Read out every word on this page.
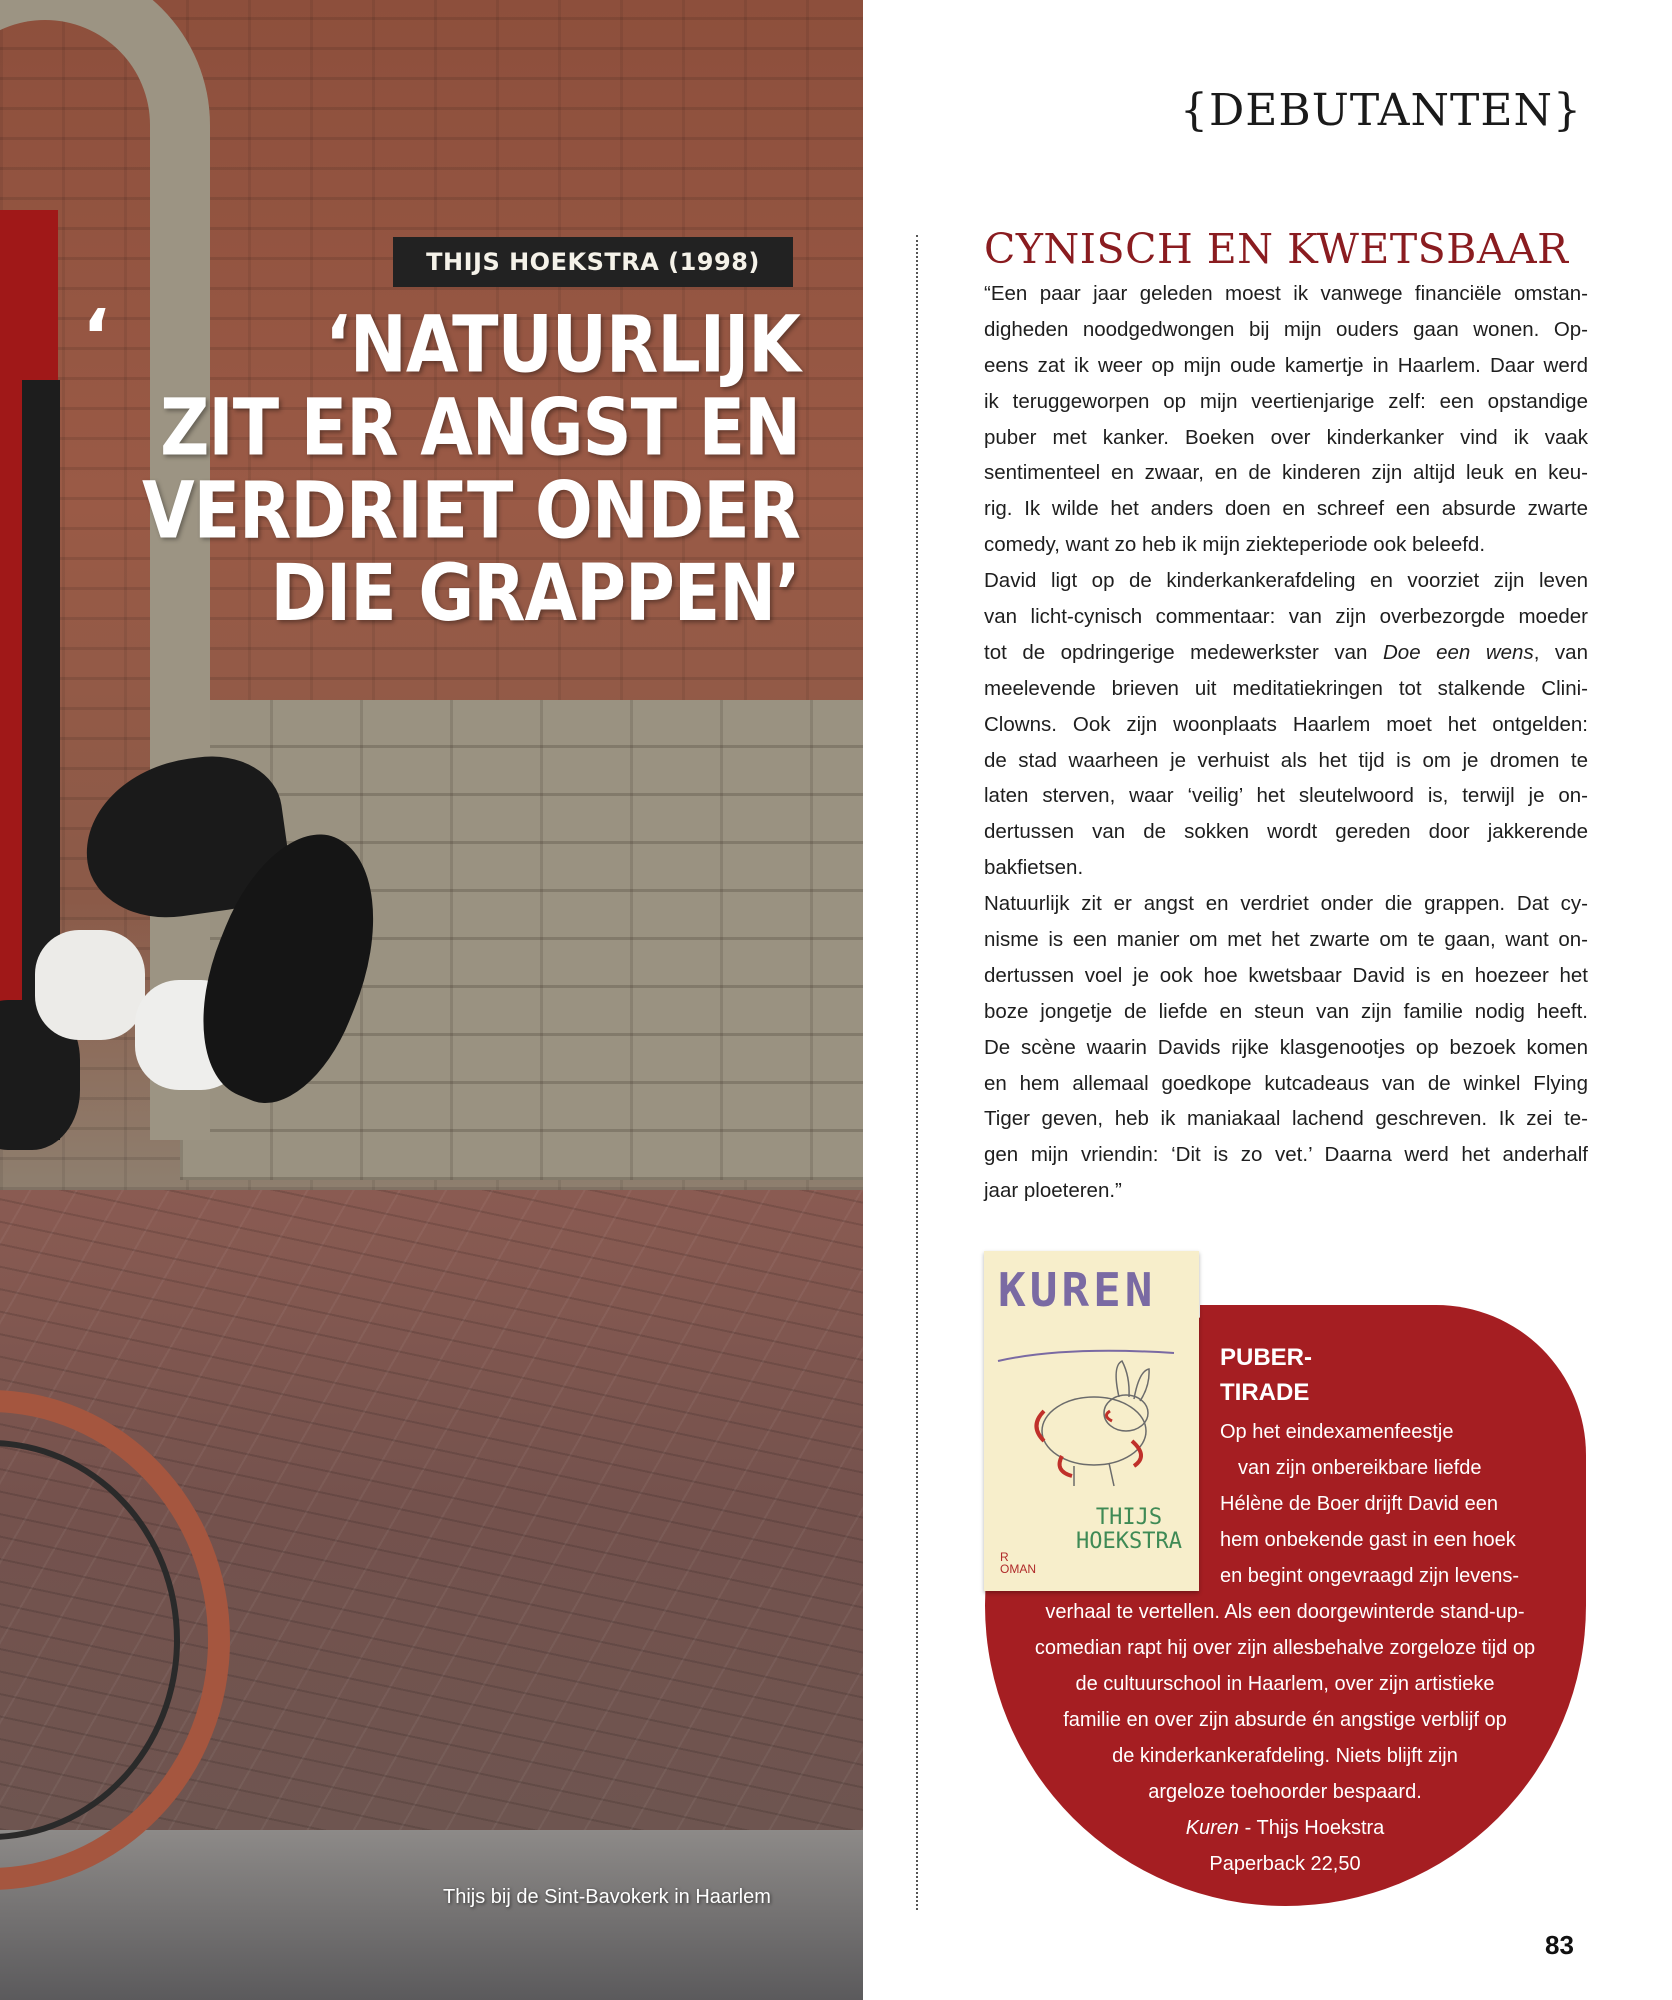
THIJS HOEKSTRA (1998)
‘	‘NATUURLIJK
ZIT ER ANGST EN
VERDRIET ONDER
DIE GRAPPEN’
Thijs bij de Sint-Bavokerk in Haarlem
{DEBUTANTEN}
CYNISCH EN KWETSBAAR
“Een paar jaar geleden moest ik vanwege financiële omstan-
digheden noodgedwongen bij mijn ouders gaan wonen. Op-
eens zat ik weer op mijn oude kamertje in Haarlem. Daar werd
ik teruggeworpen op mijn veertienjarige zelf: een opstandige
puber met kanker. Boeken over kinderkanker vind ik vaak
sentimenteel en zwaar, en de kinderen zijn altijd leuk en keu-
rig. Ik wilde het anders doen en schreef een absurde zwarte
comedy, want zo heb ik mijn ziekteperiode ook beleefd.
David ligt op de kinderkankerafdeling en voorziet zijn leven
van licht-cynisch commentaar: van zijn overbezorgde moeder
tot de opdringerige medewerkster van Doe een wens, van
meelevende brieven uit meditatiekringen tot stalkende Clini-
Clowns. Ook zijn woonplaats Haarlem moet het ontgelden:
de stad waarheen je verhuist als het tijd is om je dromen te
laten sterven, waar ‘veilig’ het sleutelwoord is, terwijl je on-
dertussen van de sokken wordt gereden door jakkerende
bakfietsen.
Natuurlijk zit er angst en verdriet onder die grappen. Dat cy-
nisme is een manier om met het zwarte om te gaan, want on-
dertussen voel je ook hoe kwetsbaar David is en hoezeer het
boze jongetje de liefde en steun van zijn familie nodig heeft.
De scène waarin Davids rijke klasgenootjes op bezoek komen
en hem allemaal goedkope kutcadeaus van de winkel Flying
Tiger geven, heb ik maniakaal lachend geschreven. Ik zei te-
gen mijn vriendin: ‘Dit is zo vet.’ Daarna werd het anderhalf
jaar ploeteren.”
PUBER-
TIRADE
Op het eindexamenfeestje
van zijn onbereikbare liefde
Hélène de Boer drijft David een
hem onbekende gast in een hoek
en begint ongevraagd zijn levens-
verhaal te vertellen. Als een doorgewinterde stand-up-
comedian rapt hij over zijn allesbehalve zorgeloze tijd op
de cultuurschool in Haarlem, over zijn artistieke
familie en over zijn absurde én angstige verblijf op
de kinderkankerafdeling. Niets blijft zijn
argeloze toehoorder bespaard.
Kuren - Thijs Hoekstra
Paperback 22,50
KUREN
THIJS
HOEKSTRA
R
OMAN
83
